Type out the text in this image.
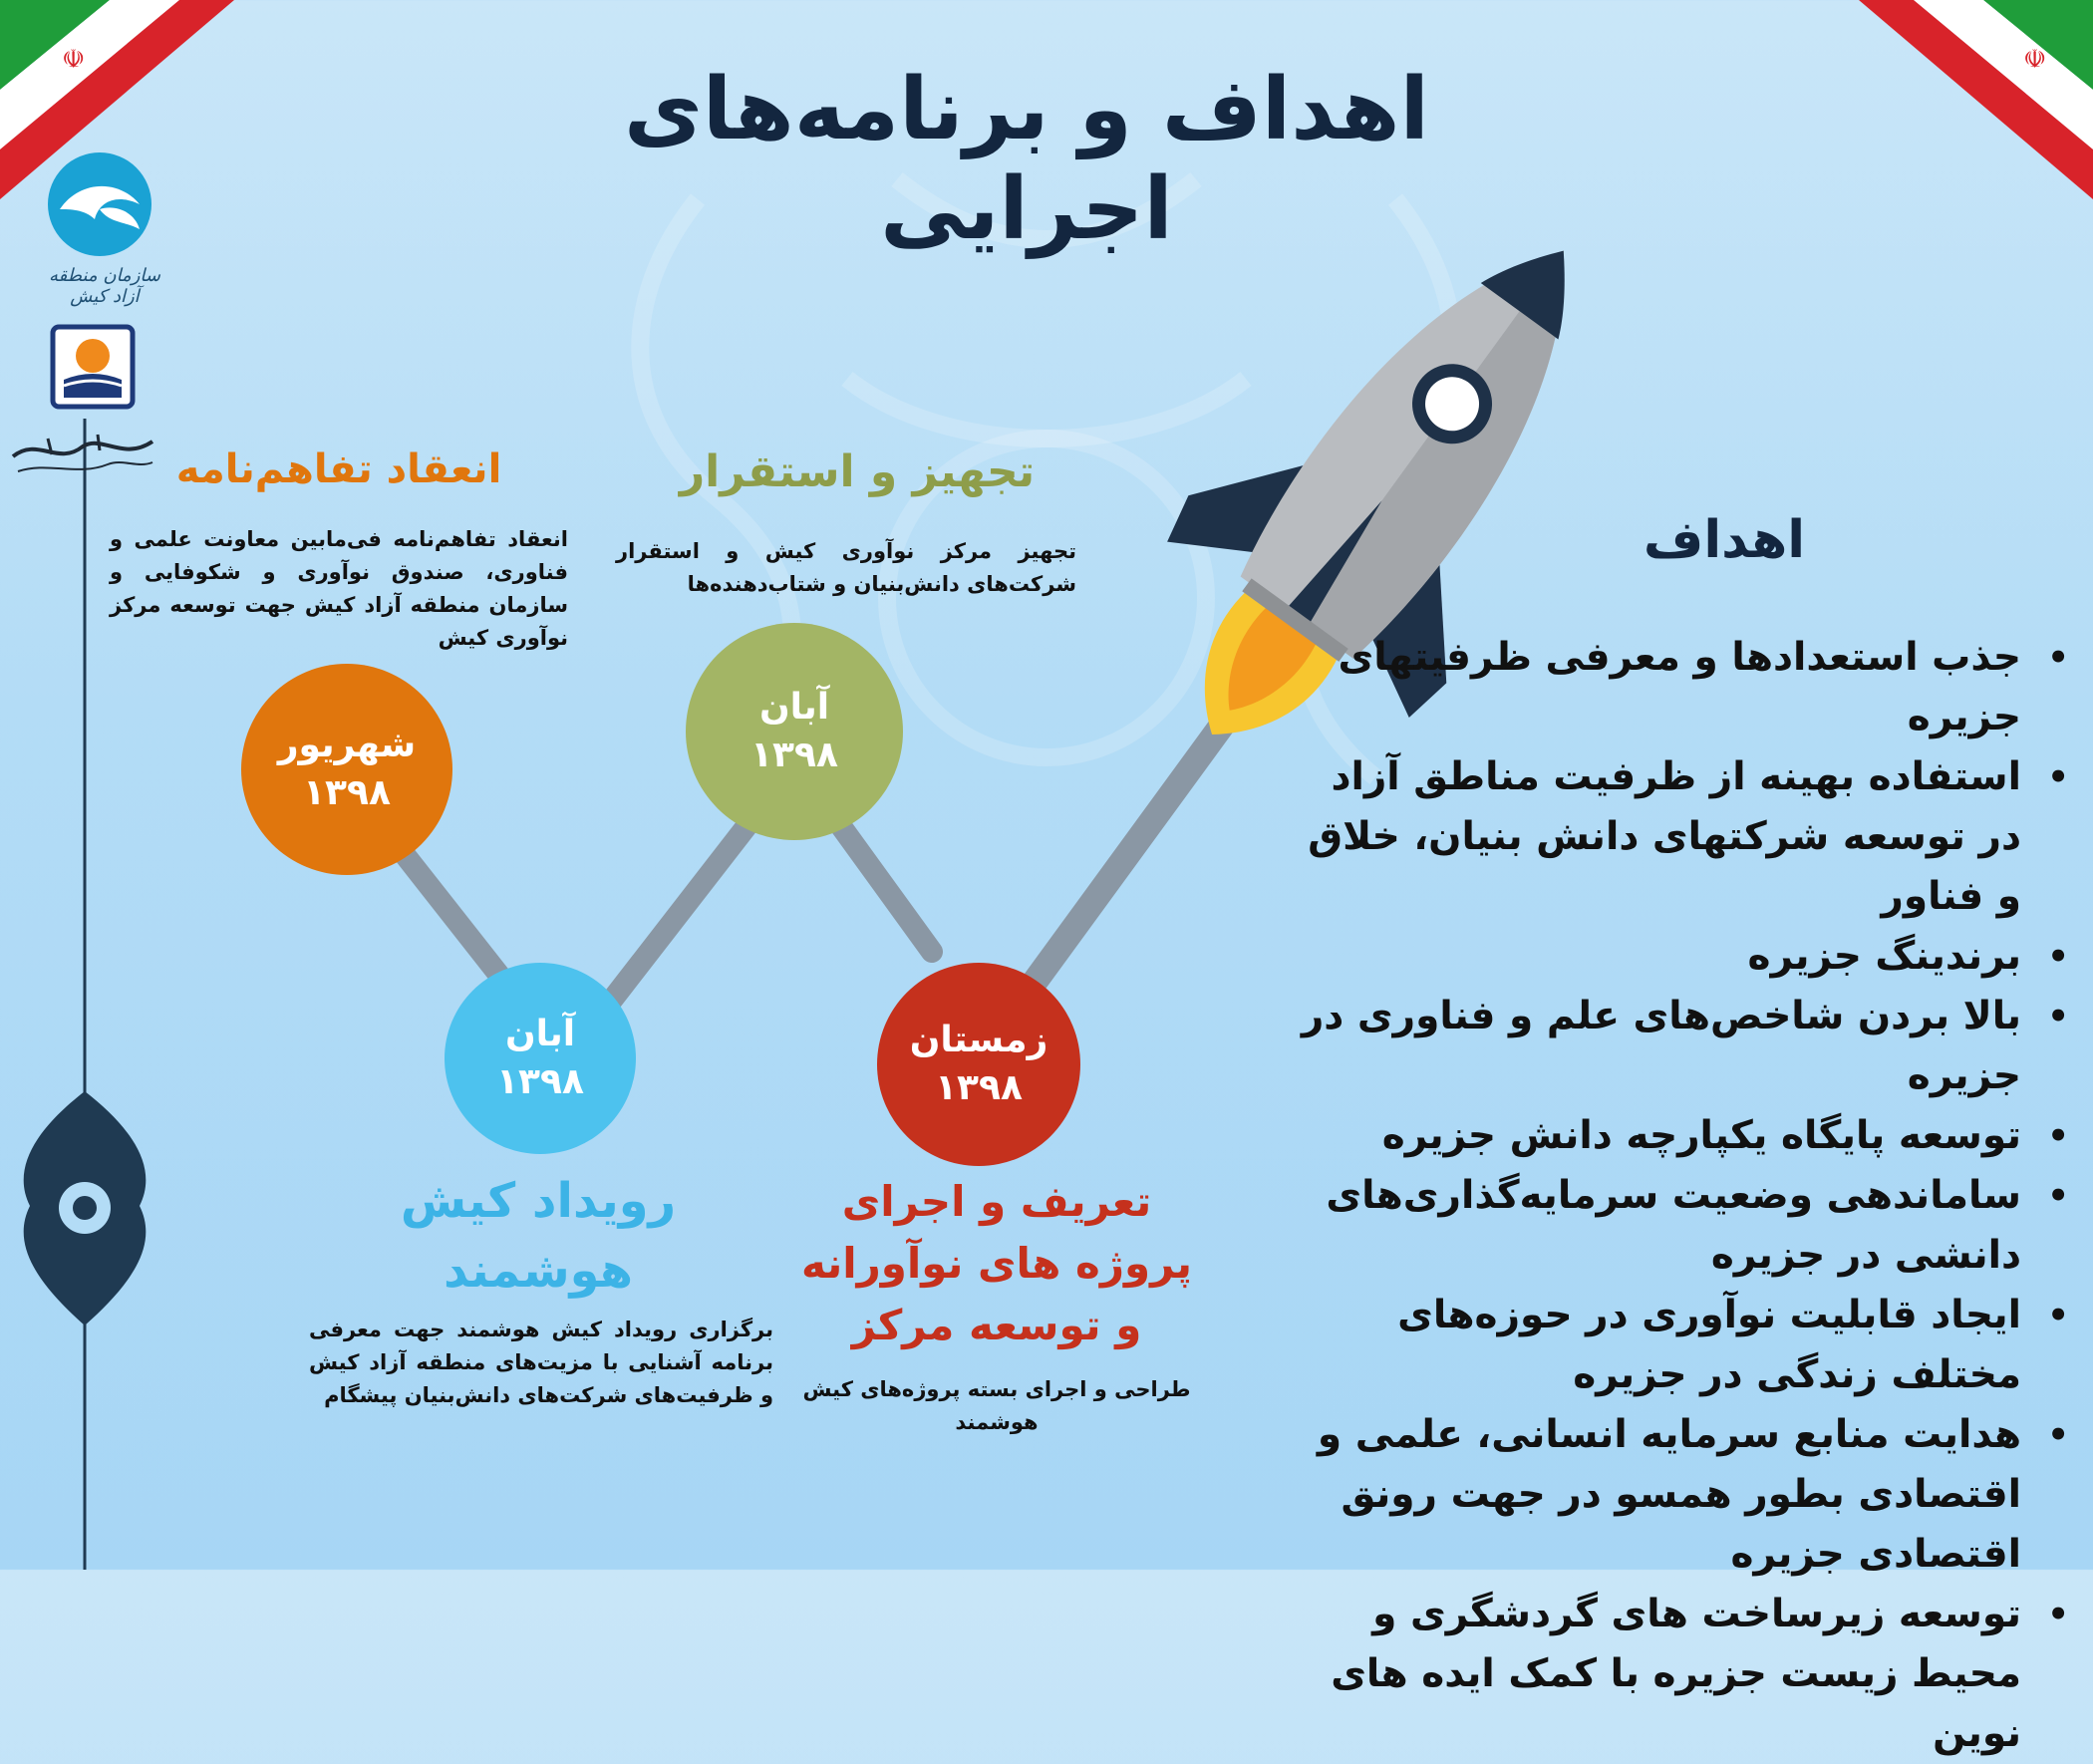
☫	☫
سازمان منطقه آزاد کیش
اهداف و برنامه‌های اجرایی
انعقاد تفاهم‌نامه
انعقاد تفاهم‌نامه فی‌مابین معاونت علمی و فناوری، صندوق نوآوری و شکوفایی و سازمان منطقه آزاد کیش جهت توسعه مرکز نوآوری کیش
شهریور
۱۳۹۸
تجهیز و استقرار
تجهیز مرکز نوآوری کیش و استقرار شرکت‌های دانش‌بنیان و شتاب‌دهنده‌ها
آبان
۱۳۹۸
آبان
۱۳۹۸
رویداد کیش هوشمند
برگزاری رویداد کیش هوشمند جهت معرفی برنامه آشنایی با مزیت‌های منطقه آزاد کیش و ظرفیت‌های شرکت‌های دانش‌بنیان پیشگام
زمستان
۱۳۹۸
تعریف و اجرای پروژه های نوآورانه و توسعه مرکز
طراحی و اجرای بسته پروژه‌های کیش هوشمند
اهداف
•
جذب استعدادها و معرفی ظرفیتهای جزیره
•
استفاده بهینه از ظرفیت مناطق آزاد در توسعه شرکتهای دانش بنیان، خلاق و فناور
•
برندینگ جزیره
•
بالا بردن شاخص‌های علم و فناوری در جزیره
•
توسعه پایگاه یکپارچه دانش جزیره
•
ساماندهی وضعیت سرمایه‌گذاری‌های دانشی در جزیره
•
ایجاد قابلیت نوآوری در حوزه‌های مختلف زندگی در جزیره
•
هدایت منابع سرمایه انسانی، علمی و اقتصادی بطور همسو در جهت رونق اقتصادی جزیره
•
توسعه زیرساخت های گردشگری و محیط زیست جزیره با کمک ایده های نوین
